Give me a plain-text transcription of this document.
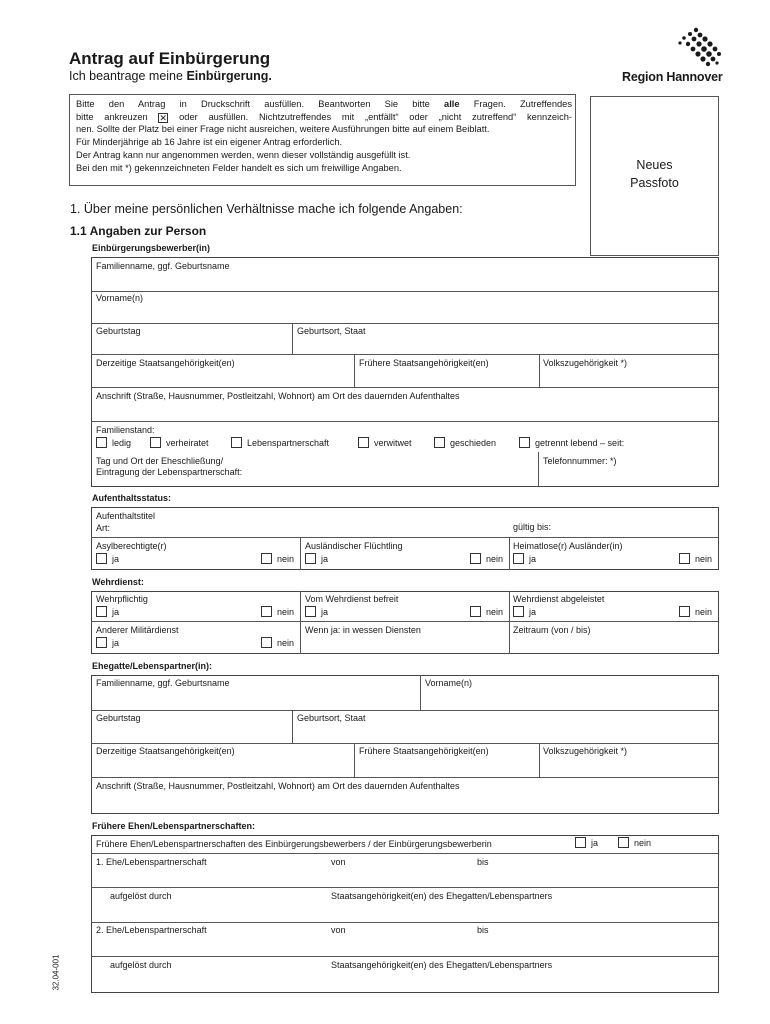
Antrag auf Einbürgerung
Ich beantrage meine Einbürgerung.	Region Hannover
Bitte den Antrag in Druckschrift ausfüllen. Beantworten Sie bitte alle Fragen. Zutreffendes
bitte ankreuzen ✕ oder ausfüllen. Nichtzutreffendes mit „entfällt“ oder „nicht zutreffend“ kennzeich-
nen. Sollte der Platz bei einer Frage nicht ausreichen, weitere Ausführungen bitte auf einem Beiblatt.
Für Minderjährige ab 16 Jahre ist ein eigener Antrag erforderlich.
Der Antrag kann nur angenommen werden, wenn dieser vollständig ausgefüllt ist.
Bei den mit *) gekennzeichneten Felder handelt es sich um freiwillige Angaben.	Neues
Passfoto
1. Über meine persönlichen Verhältnisse mache ich folgende Angaben:
1.1 Angaben zur Person
Einbürgerungsbewerber(in)
Familienname, ggf. Geburtsname
Vorname(n)
Geburtstag	Geburtsort, Staat
Derzeitige Staatsangehörigkeit(en)	Frühere Staatsangehörigkeit(en)	Volkszugehörigkeit *)
Anschrift (Straße, Hausnummer, Postleitzahl, Wohnort) am Ort des dauernden Aufenthaltes
Familienstand:
ledig	verheiratet	Lebenspartnerschaft	verwitwet	geschieden	getrennt lebend – seit:
Tag und Ort der Eheschließung/
Eintragung der Lebenspartnerschaft:
Telefonnummer: *)
Aufenthaltsstatus:
Aufenthaltstitel
Art:	gültig bis:
Asylberechtigte(r)	Ausländischer Flüchtling	Heimatlose(r) Ausländer(in)
ja	nein	ja	nein	ja	nein
Wehrdienst:
Wehrpflichtig	Vom Wehrdienst befreit	Wehrdienst abgeleistet
ja	nein	ja	nein	ja	nein
Anderer Militärdienst	Wenn ja: in wessen Diensten	Zeitraum (von / bis)
ja	nein
Ehegatte/Lebenspartner(in):
Familienname, ggf. Geburtsname	Vorname(n)
Geburtstag	Geburtsort, Staat
Derzeitige Staatsangehörigkeit(en)	Frühere Staatsangehörigkeit(en)	Volkszugehörigkeit *)
Anschrift (Straße, Hausnummer, Postleitzahl, Wohnort) am Ort des dauernden Aufenthaltes
Frühere Ehen/Lebenspartnerschaften:
Frühere Ehen/Lebenspartnerschaften des Einbürgerungsbewerbers / der Einbürgerungsbewerberin	ja	nein
1. Ehe/Lebenspartnerschaft	von	bis
aufgelöst durch	Staatsangehörigkeit(en) des Ehegatten/Lebenspartners
2. Ehe/Lebenspartnerschaft	von	bis
aufgelöst durch	Staatsangehörigkeit(en) des Ehegatten/Lebenspartners
32.04-001
